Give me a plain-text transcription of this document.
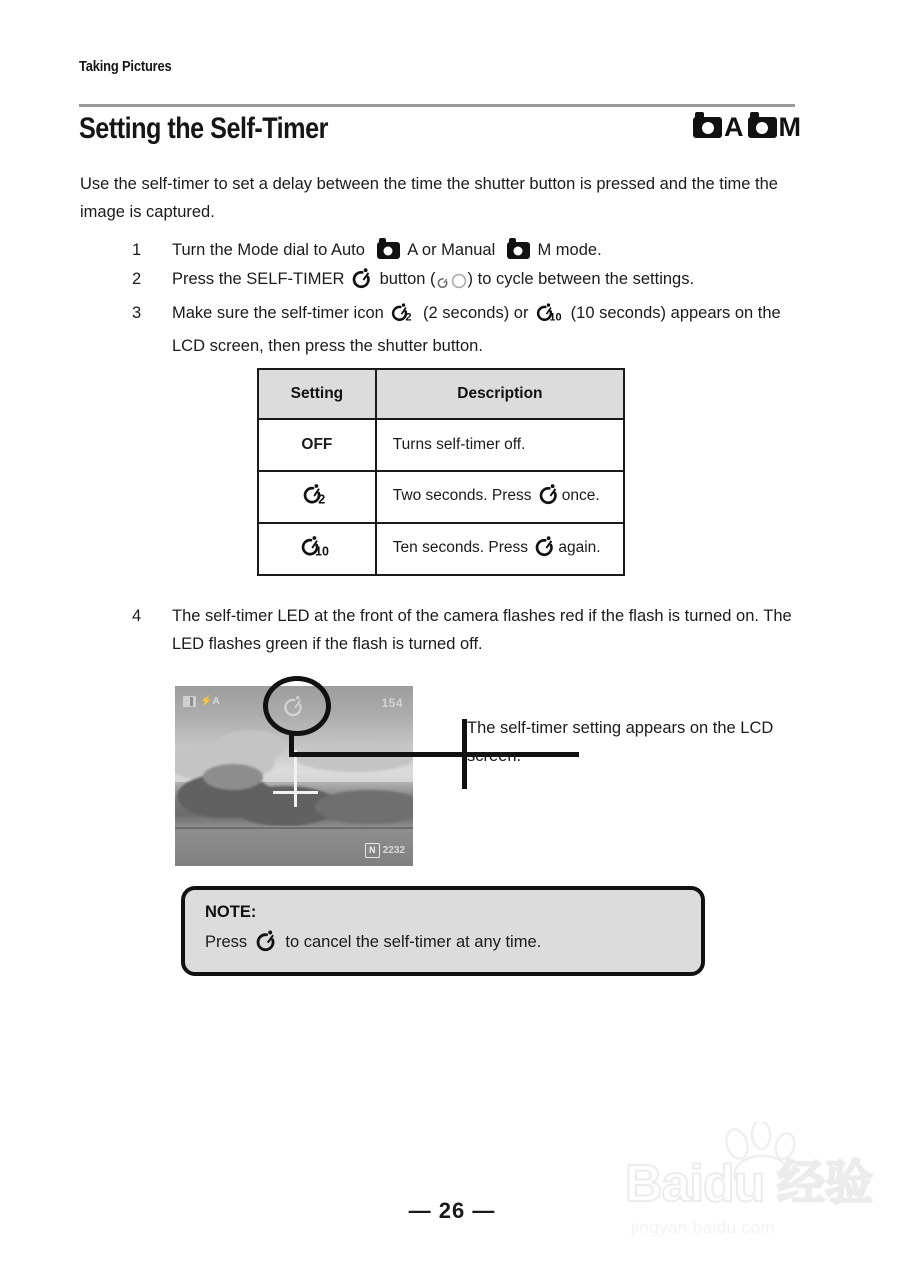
Taking Pictures
Setting the Self-Timer	A M
Use the self-timer to set a delay between the time the shutter button is pressed and the time the image is captured.
1	Turn the Mode dial to Auto	A or Manual	M mode.
2	Press the SELF-TIMER button ( ) to cycle between the settings.
3	Make sure the self-timer icon 2 (2 seconds) or 10 (10 seconds) appears on the LCD screen, then press the shutter button.
Setting	Description
OFF	Turns self-timer off.

2	Two seconds. Press once.

10	Ten seconds. Press again.
4	The self-timer LED at the front of the camera flashes red if the flash is turned on. The LED flashes green if the flash is turned off.
⚡A	154
N 2232
The self-timer setting appears on the LCD screen.
NOTE:
Press to cancel the self-timer at any time.
— 26 —	Baidu 经验
jingyan.baidu.com
